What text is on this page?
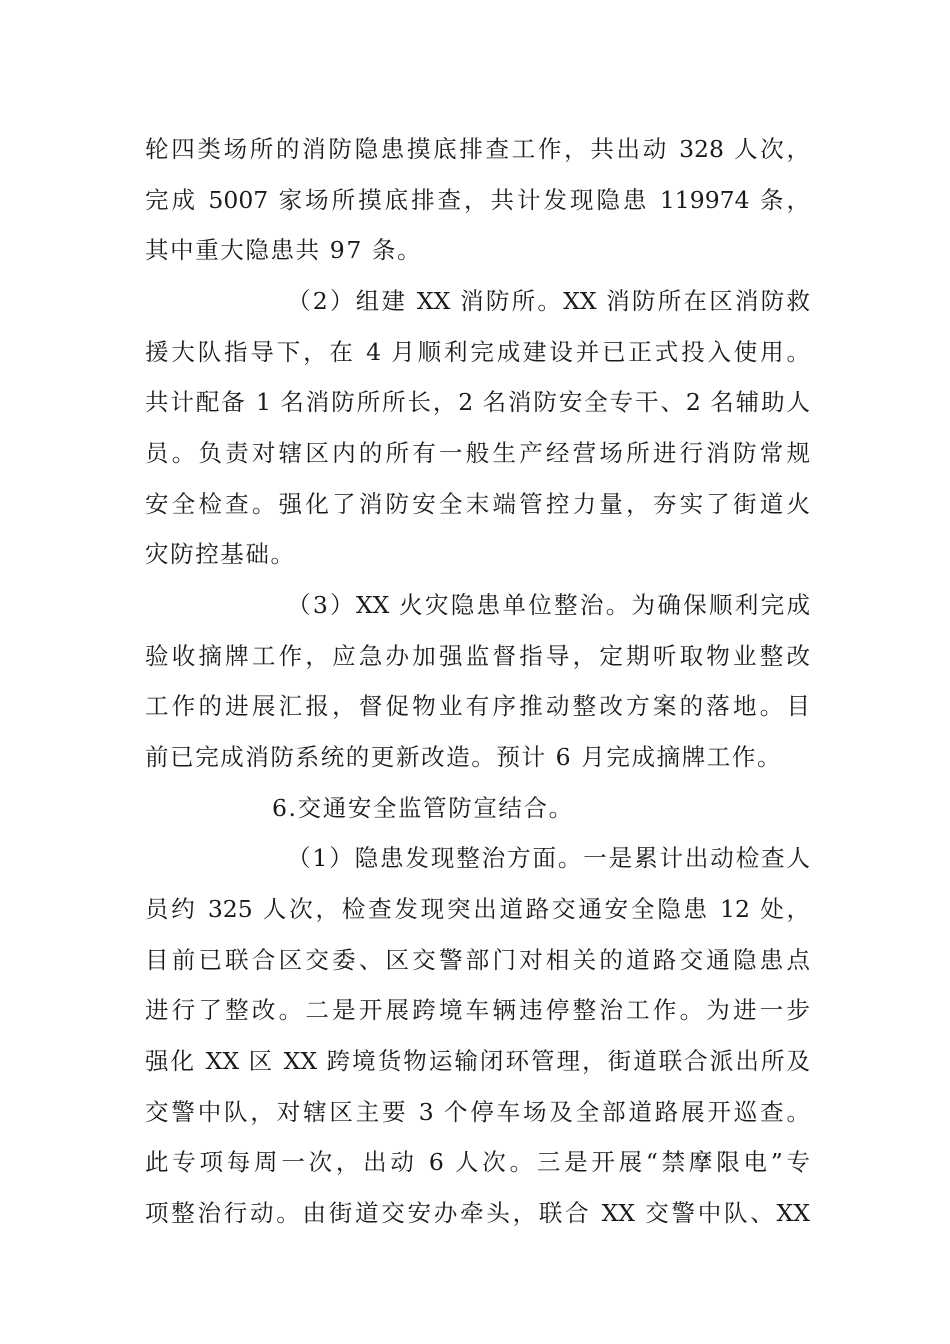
轮四类场所的消防隐患摸底排查工作，共出动 328 人次，
完成 5007 家场所摸底排查，共计发现隐患 119974 条，
其中重大隐患共 97 条。
（2）组建 XX 消防所。XX 消防所在区消防救
援大队指导下，在 4 月顺利完成建设并已正式投入使用。
共计配备 1 名消防所所长，2 名消防安全专干、2 名辅助人
员。负责对辖区内的所有一般生产经营场所进行消防常规
安全检查。强化了消防安全末端管控力量，夯实了街道火
灾防控基础。
（3）XX 火灾隐患单位整治。为确保顺利完成
验收摘牌工作，应急办加强监督指导，定期听取物业整改
工作的进展汇报，督促物业有序推动整改方案的落地。目
前已完成消防系统的更新改造。预计 6 月完成摘牌工作。
6.交通安全监管防宣结合。
（1）隐患发现整治方面。一是累计出动检查人
员约 325 人次，检查发现突出道路交通安全隐患 12 处，
目前已联合区交委、区交警部门对相关的道路交通隐患点
进行了整改。二是开展跨境车辆违停整治工作。为进一步
强化 XX 区 XX 跨境货物运输闭环管理，街道联合派出所及
交警中队，对辖区主要 3 个停车场及全部道路展开巡查。
此专项每周一次，出动 6 人次。三是开展“禁摩限电”专
项整治行动。由街道交安办牵头，联合 XX 交警中队、XX
